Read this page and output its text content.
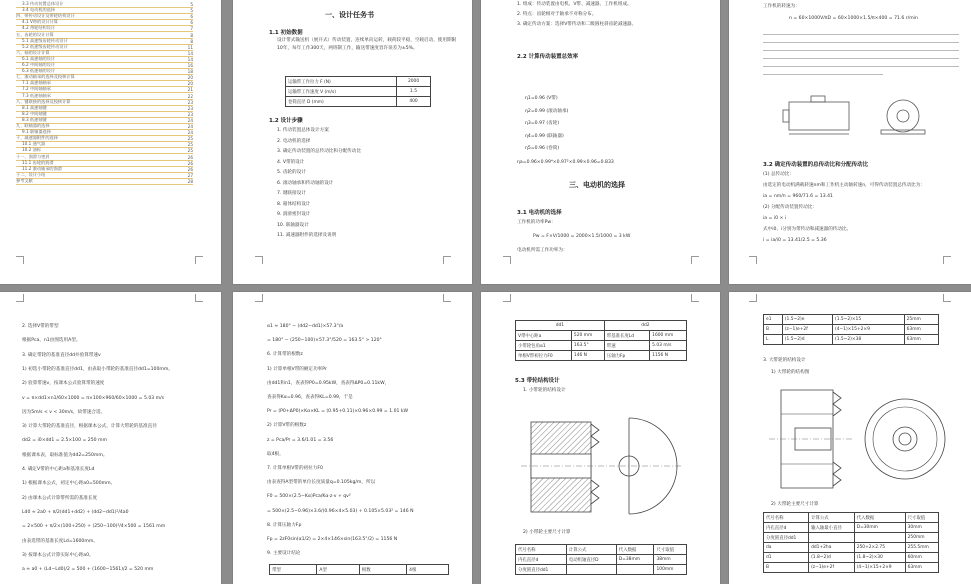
3.3 传动装置总体设计	5
3.4 电动机的选择	5
四、带传动设计及带轮结构设计	6
4.1 V带的设计计算	6
4.2 带轮结构设计	7
五、齿轮的设计计算	8
5.1 高速级齿轮传动设计	8
5.2 低速级齿轮传动设计	11
六、轴的设计计算	14
6.1 高速轴的设计	14
6.2 中间轴的设计	16
6.3 低速轴的设计	18
七、滚动轴承的选择及校核计算	20
7.1 高速轴轴承	20
7.2 中间轴轴承	21
7.3 低速轴轴承	22
八、键联接的选择及校核计算	23
8.1 高速轴键	23
8.2 中间轴键	23
8.3 低速轴键	24
九、联轴器的选择	24
9.1 联轴器选择	24
十、减速器附件的选择	25
10.1 通气器	25
10.2 油标	25
十一、润滑与密封	26
11.1 齿轮的润滑	26
11.2 滚动轴承的润滑	26
十二、设计小结	27
参考文献	28
一、设计任务书
1.1 初始数据
设计带式输送机（展开式）传动装置，连续单向运转，载荷较平稳，空载启动，使用期限
10年，每年工作300天，两班制工作，输送带速度容许误差为±5%。
运输带工作拉力 F (N)	2000
运输带工作速度 V (m/s)	1.5
卷筒直径 D (mm)	400
1.2 设计步骤
1. 传动装置总体设计方案
2. 电动机的选择
3. 确定传动装置的总传动比和分配传动比
4. V带的设计
5. 齿轮的设计
6. 滚动轴承和传动轴的设计
7. 键联接设计
8. 箱体结构设计
9. 润滑密封设计
10. 联轴器设计
11. 减速器附件的选择及说明
1. 组成：传动装置由电机、V带、减速器、工作机组成。
2. 特点：齿轮相对于轴承不对称分布。
3. 确定传动方案：选择V带传动和二级圆柱斜齿轮减速器。
2.2 计算传动装置总效率
η1=0.96 (V带)
η2=0.99 (滚动轴承)
η3=0.97 (齿轮)
η4=0.99 (联轴器)
η5=0.96 (卷筒)
ηa=0.96×0.99⁴×0.97²×0.99×0.96=0.833
三、电动机的选择
3.1 电动机的选择
工作机的功率Pw：
Pw = F×V/1000 = 2000×1.5/1000 = 3 kW
电动机所需工作功率为：
工作机的转速为：
n = 60×1000V/πD = 60×1000×1.5/π×400 = 71.6 r/min
3.2 确定传动装置的总传动比和分配传动比
(1) 总传动比：
由选定的电动机满载转速nm和工作机主动轴转速n，可得传动装置总传动比为：
ia = nm/n = 960/71.6 = 13.41
(2) 分配传动装置传动比：
ia = i0 × i
式中i0、i分别为带传动和减速器的传动比。
i = ia/i0 = 13.41/2.5 = 5.36
2. 选择V带的带型
根据Pca、n1由图选用A型。
3. 确定带轮的基准直径dd并验算带速v
1) 初选小带轮的基准直径dd1，由表取小带轮的基准直径dd1=100mm。
2) 验算带速v，按课本公式验算带的速度
v = π×dd1×n1/60×1000 = π×100×960/60×1000 = 5.03 m/s
因为5m/s < v < 30m/s，故带速合适。
3) 计算大带轮的基准直径，根据课本公式，计算大带轮的基准直径
dd2 = i0×dd1 = 2.5×100 = 250 mm
根据课本表，取标准值为dd2=250mm。
4. 确定V带的中心距a和基准长度Ld
1) 根据课本公式，初定中心距a0=500mm。
2) 由课本公式计算带所需的基准长度
Ld0 ≈ 2a0 + π/2(dd1+dd2) + (dd2−dd1)²/4a0
= 2×500 + π/2×(100+250) + (250−100)²/4×500 = 1561 mm
由表选带的基准长度Ld=1600mm。
3) 按课本公式计算实际中心距a0。
a ≈ a0 + (Ld−Ld0)/2 = 500 + (1600−1561)/2 = 520 mm
α1 ≈ 180° − (dd2−dd1)×57.3°/a
= 180° − (250−100)×57.3°/520 = 163.5° > 120°
6. 计算带的根数z
1) 计算单根V带的额定功率Pr
由dd1和n1，查表得P0=0.95kW，查表得ΔP0=0.11kW，
查表得Kα=0.96，查表得KL=0.99，于是
Pr = (P0+ΔP0)×Kα×KL = (0.95+0.11)×0.96×0.99 = 1.01 kW
2) 计算V带的根数z
z = Pca/Pr = 3.6/1.01 = 3.56
取4根。
7. 计算单根V带的初拉力F0
由表查得A型带的单位长度质量q=0.105kg/m，所以
F0 = 500×(2.5−Kα)Pca/Kα·z·v + qv²
= 500×(2.5−0.96)×3.6/(0.96×4×5.03) + 0.105×5.03² = 146 N
8. 计算压轴力Fp
Fp = 2zF0sin(α1/2) = 2×4×146×sin(163.5°/2) = 1156 N
9. 主要设计结论
带型	A型	根数	4根
dd1		dd2	
V带中心距a	520 mm	带基准长度Ld	1600 mm
小带轮包角α1	163.5°	带速	5.03 m/s
单根V带初拉力F0	146 N	压轴力Fp	1156 N
5.3 带轮结构设计
1. 小带轮的结构设计
2) 小带轮主要尺寸计算
代号名称	计算公式	代入数据	尺寸取值
内孔直径d	电动机轴直径D	D=38mm	38mm
分度圆直径dd1			100mm
e1	(1.5~2)e	(1.5~2)×15	25mm
B	(z−1)e+2f	(4−1)×15+2×9	63mm
L	(1.5~2)d	(1.5~2)×38	63mm
3. 大带轮的结构设计
1) 大带轮的结构图
2) 大带轮主要尺寸计算
代号名称	计算公式	代入数据	尺寸取值
内孔直径d	输入轴最小直径	D=30mm	30mm
分度圆直径dd1			250mm
da	dd1+2ha	250+2×2.75	255.5mm
d1	(1.8~2)d	(1.8~2)×30	60mm
B	(z−1)e+2f	(4−1)×15+2×9	63mm
